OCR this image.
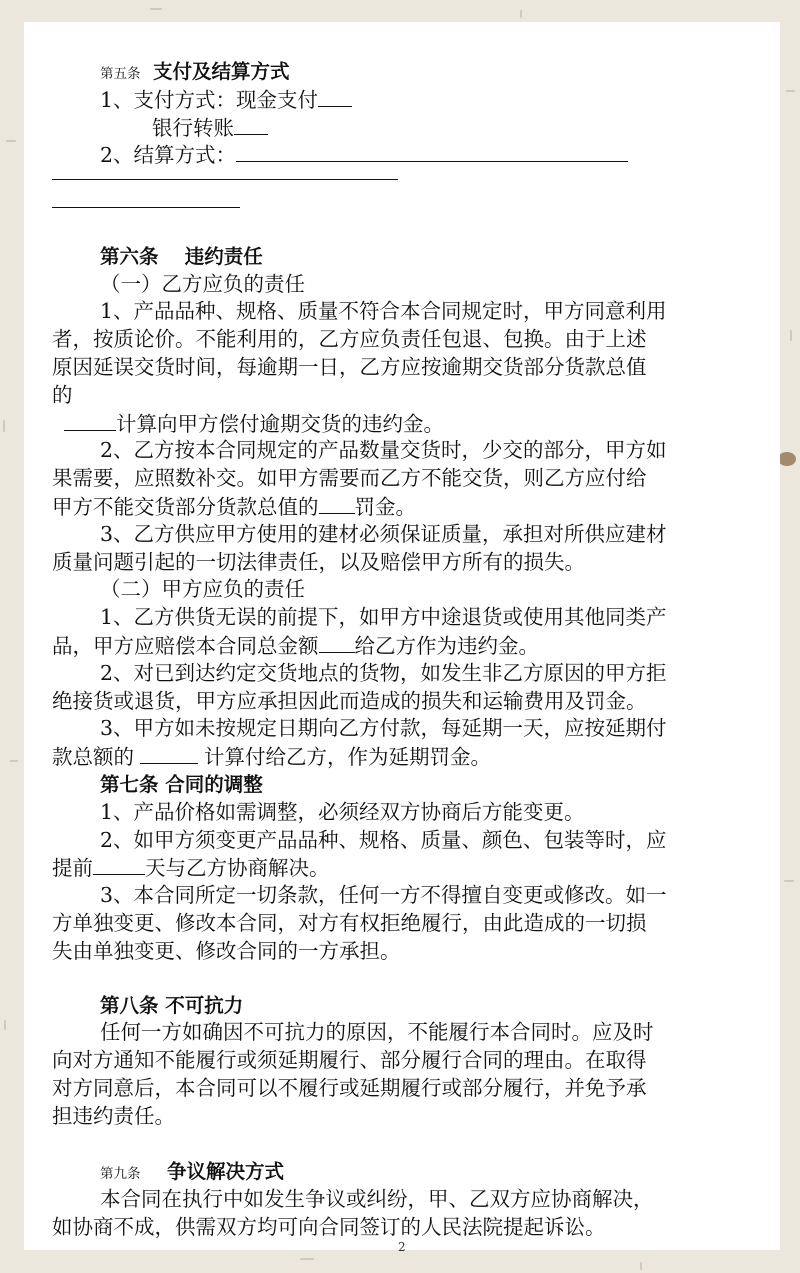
第五条 支付及结算方式
1、支付方式：现金支付
银行转账
2、结算方式：
第六条　 违约责任
（一）乙方应负的责任
1、产品品种、规格、质量不符合本合同规定时，甲方同意利用
者，按质论价。不能利用的，乙方应负责任包退、包换。由于上述
原因延误交货时间，每逾期一日，乙方应按逾期交货部分货款总值
的
计算向甲方偿付逾期交货的违约金。
2、乙方按本合同规定的产品数量交货时，少交的部分，甲方如
果需要，应照数补交。如甲方需要而乙方不能交货，则乙方应付给
甲方不能交货部分货款总值的 罚金。
3、乙方供应甲方使用的建材必须保证质量，承担对所供应建材
质量问题引起的一切法律责任，以及赔偿甲方所有的损失。
（二）甲方应负的责任
1、乙方供货无误的前提下，如甲方中途退货或使用其他同类产
品，甲方应赔偿本合同总金额 给乙方作为违约金。
2、对已到达约定交货地点的货物，如发生非乙方原因的甲方拒
绝接货或退货，甲方应承担因此而造成的损失和运输费用及罚金。
3、甲方如未按规定日期向乙方付款，每延期一天，应按延期付
款总额的	计算付给乙方，作为延期罚金。
第七条 合同的调整
1、产品价格如需调整，必须经双方协商后方能变更。
2、如甲方须变更产品品种、规格、质量、颜色、包装等时，应
提前	天与乙方协商解决。
3、本合同所定一切条款，任何一方不得擅自变更或修改。如一
方单独变更、修改本合同，对方有权拒绝履行，由此造成的一切损
失由单独变更、修改合同的一方承担。
第八条 不可抗力
任何一方如确因不可抗力的原因，不能履行本合同时。应及时
向对方通知不能履行或须延期履行、部分履行合同的理由。在取得
对方同意后，本合同可以不履行或延期履行或部分履行，并免予承
担违约责任。
第九条 争议解决方式
本合同在执行中如发生争议或纠纷，甲、乙双方应协商解决，
如协商不成，供需双方均可向合同签订的人民法院提起诉讼。
2
